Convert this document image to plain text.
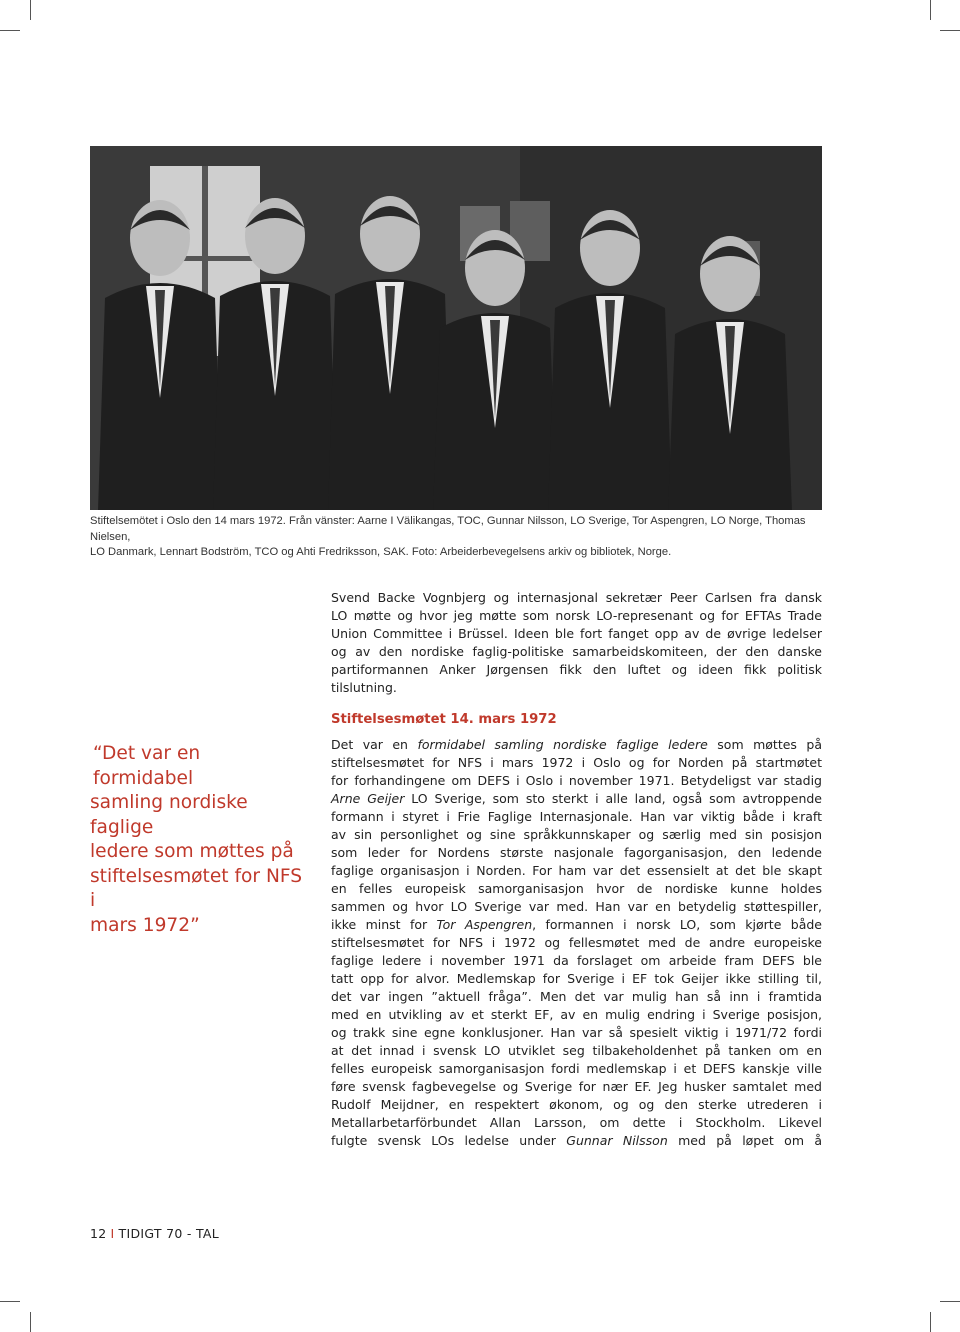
Stiftelsemötet i Oslo den 14 mars 1972. Från vänster: Aarne I Välikangas, TOC, Gunnar Nilsson, LO Sverige, Tor Aspengren, LO Norge, Thomas Nielsen,
LO Danmark, Lennart Bodström, TCO og Ahti Fredriksson, SAK. Foto: Arbeiderbevegelsens arkiv og bibliotek, Norge.
“Det var en formidabel
samling nordiske faglige
ledere som møttes på
stiftelsesmøtet for NFS i
mars 1972”
Svend Backe Vognbjerg og internasjonal sekretær Peer Carlsen fra dansk
LO møtte og hvor jeg møtte som norsk LO-represenant og for EFTAs Trade
Union Committee i Brüssel. Ideen ble fort fanget opp av de øvrige ledelser
og av den nordiske faglig-politiske samarbeidskomiteen, der den danske
partiformannen Anker Jørgensen fikk den luftet og ideen fikk politisk
tilslutning.
Stiftelsesmøtet 14. mars 1972
Det var en formidabel samling nordiske faglige ledere som møttes på
stiftelsesmøtet for NFS i mars 1972 i Oslo og for Norden på startmøtet
for forhandingene om DEFS i Oslo i november 1971. Betydeligst var stadig
Arne Geijer LO Sverige, som sto sterkt i alle land, også som avtroppende
formann i styret i Frie Faglige Internasjonale. Han var viktig både i kraft
av sin personlighet og sine språkkunnskaper og særlig med sin posisjon
som leder for Nordens største nasjonale fagorganisasjon, den ledende
faglige organisasjon i Norden. For ham var det essensielt at det ble skapt
en felles europeisk samorganisasjon hvor de nordiske kunne holdes
sammen og hvor LO Sverige var med. Han var en betydelig støttespiller,
ikke minst for Tor Aspengren, formannen i norsk LO, som kjørte både
stiftelsesmøtet for NFS i 1972 og fellesmøtet med de andre europeiske
faglige ledere i november 1971 da forslaget om arbeide fram DEFS ble
tatt opp for alvor. Medlemskap for Sverige i EF tok Geijer ikke stilling til,
det var ingen ”aktuell fråga”. Men det var mulig han så inn i framtida
med en utvikling av et sterkt EF, av en mulig endring i Sverige posisjon,
og trakk sine egne konklusjoner. Han var så spesielt viktig i 1971/72 fordi
at det innad i svensk LO utviklet seg tilbakeholdenhet på tanken om en
felles europeisk samorganisasjon fordi medlemskap i et DEFS kanskje ville
føre svensk fagbevegelse og Sverige for nær EF. Jeg husker samtalet med
Rudolf Meijdner, en respektert økonom, og og den sterke utrederen i
Metallarbetarförbundet Allan Larsson, om dette i Stockholm. Likevel
fulgte svensk LOs ledelse under Gunnar Nilsson med på løpet om å
12 I TIDIGT 70 - TAL
